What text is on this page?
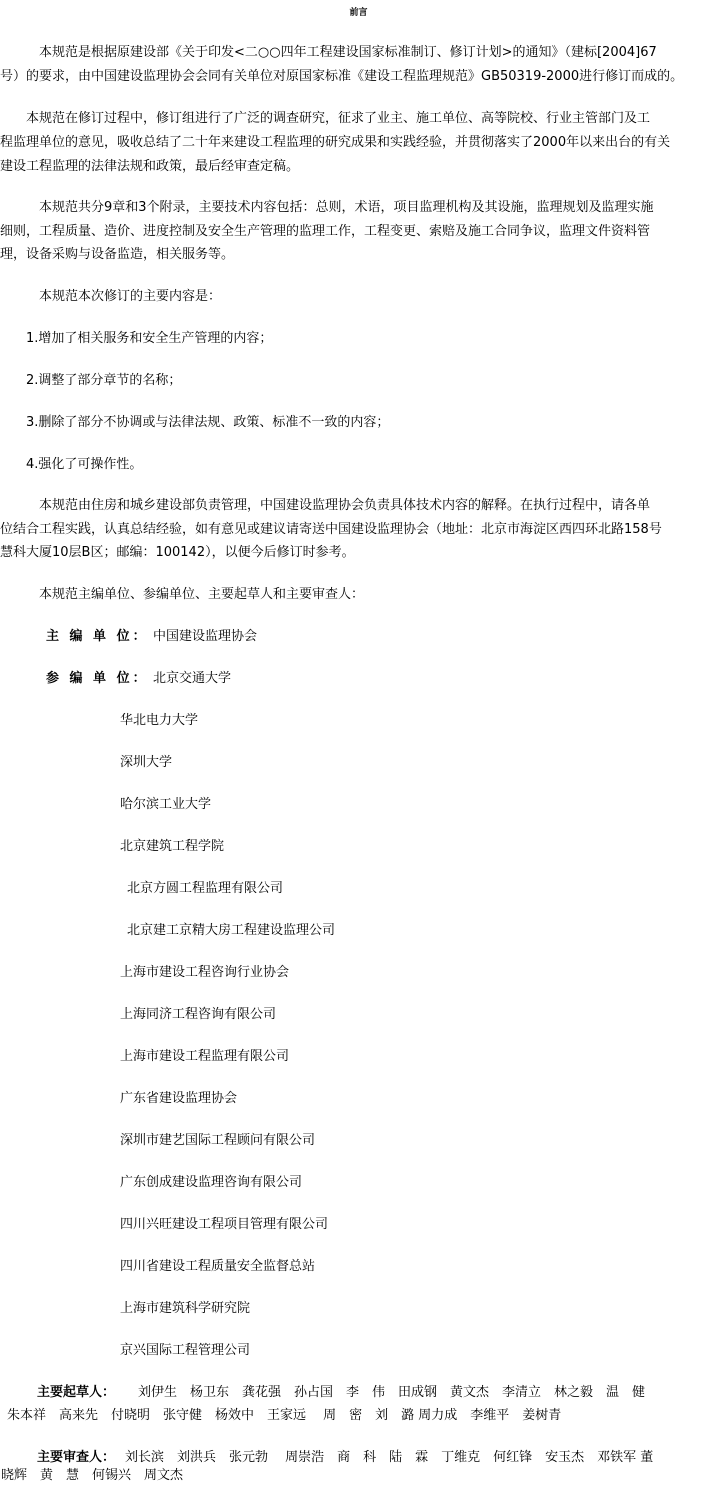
前言
　　　本规范是根据原建设部《关于印发<二○○四年工程建设国家标准制订、修订计划>的通知》（建标[2004]67
号）的要求，由中国建设监理协会会同有关单位对原国家标准《建设工程监理规范》GB50319-2000进行修订而成的。
　　本规范在修订过程中，修订组进行了广泛的调查研究，征求了业主、施工单位、高等院校、行业主管部门及工
程监理单位的意见，吸收总结了二十年来建设工程监理的研究成果和实践经验，并贯彻落实了2000年以来出台的有关
建设工程监理的法律法规和政策，最后经审查定稿。
　　　本规范共分9章和3个附录，主要技术内容包括：总则，术语，项目监理机构及其设施，监理规划及监理实施
细则，工程质量、造价、进度控制及安全生产管理的监理工作，工程变更、索赔及施工合同争议，监理文件资料管
理，设备采购与设备监造，相关服务等。
　　　本规范本次修订的主要内容是：
　　1.增加了相关服务和安全生产管理的内容；
　　2.调整了部分章节的名称；
　　3.删除了部分不协调或与法律法规、政策、标准不一致的内容；
　　4.强化了可操作性。
　　　本规范由住房和城乡建设部负责管理，中国建设监理协会负责具体技术内容的解释。在执行过程中，请各单
位结合工程实践，认真总结经验，如有意见或建议请寄送中国建设监理协会（地址：北京市海淀区西四环北路158号
慧科大厦10层B区；邮编：100142），以便今后修订时参考。
　　　本规范主编单位、参编单位、主要起草人和主要审查人：
主 编 单 位： 中国建设监理协会
参 编 单 位： 北京交通大学
华北电力大学
深圳大学
哈尔滨工业大学
北京建筑工程学院
北京方圆工程监理有限公司
北京建工京精大房工程建设监理公司
上海市建设工程咨询行业协会
上海同济工程咨询有限公司
上海市建设工程监理有限公司
广东省建设监理协会
深圳市建艺国际工程顾问有限公司
广东创成建设监理咨询有限公司
四川兴旺建设工程项目管理有限公司
四川省建设工程质量安全监督总站
上海市建筑科学研究院
京兴国际工程管理公司
主要起草人： 　刘伊生　杨卫东　龚花强　孙占国　李　伟　田成钢　黄文杰　李清立　林之毅　温　健
朱本祥　高来先　付晓明　张守健　杨效中　王家远　 周　密　刘　潞 周力成　李维平　姜树青
主要审查人： 刘长滨　刘洪兵　张元勃　 周崇浩　商　科　陆　霖　丁维克　何红锋　安玉杰　邓铁军 董
晓辉　黄　慧　何锡兴　周文杰
